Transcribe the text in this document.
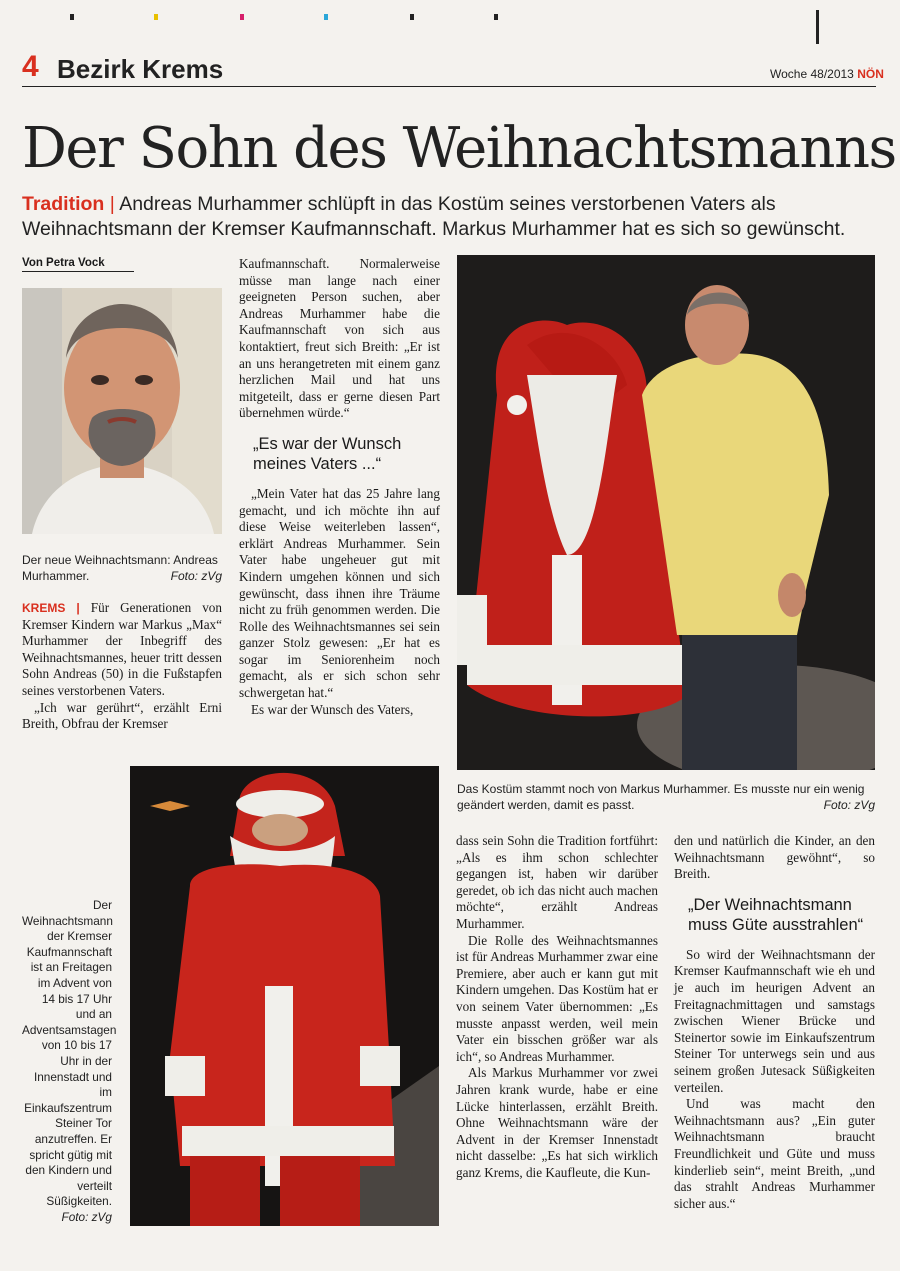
4 Bezirk Krems	Woche 48/2013 NÖN
Der Sohn des Weihnachtsmanns
Tradition | Andreas Murhammer schlüpft in das Kostüm seines verstorbenen Vaters als Weihnachtsmann der Kremser Kaufmannschaft. Markus Murhammer hat es sich so gewünscht.
Von Petra Vock
Der neue Weihnachtsmann: Andreas Murhammer.	Foto: zVg

KREMS | Für Generationen von Kremser Kindern war Markus „Max“ Murhammer der Inbegriff des Weihnachtsmannes, heuer tritt dessen Sohn Andreas (50) in die Fußstapfen seines verstorbenen Vaters.

„Ich war gerührt“, erzählt Erni Breith, Obfrau der Kremser

Kaufmannschaft. Normalerweise müsse man lange nach einer geeigneten Person suchen, aber Andreas Murhammer habe die Kaufmannschaft von sich aus kontaktiert, freut sich Breith: „Er ist an uns herangetreten mit einem ganz herzlichen Mail und hat uns mitgeteilt, dass er gerne diesen Part übernehmen würde.“

„Es war der Wunsch meines Vaters ...“

„Mein Vater hat das 25 Jahre lang gemacht, und ich möchte ihn auf diese Weise weiterleben lassen“, erklärt Andreas Murhammer. Sein Vater habe ungeheuer gut mit Kindern umgehen können und sich gewünscht, dass ihnen ihre Träume nicht zu früh genommen werden. Die Rolle des Weihnachtsmannes sei sein ganzer Stolz gewesen: „Er hat es sogar im Seniorenheim noch gemacht, als er sich schon sehr schwergetan hat.“

Es war der Wunsch des Vaters,

Das Kostüm stammt noch von Markus Murhammer. Es musste nur ein wenig geändert werden, damit es passt.	Foto: zVg
Der Weihnachtsmann der Kremser Kaufmannschaft ist an Freitagen im Advent von 14 bis 17 Uhr und an Adventsamstagen von 10 bis 17 Uhr in der Innenstadt und im Einkaufszentrum Steiner Tor anzutreffen. Er spricht gütig mit den Kindern und verteilt Süßigkeiten.
Foto: zVg

dass sein Sohn die Tradition fortführt: „Als es ihm schon schlechter gegangen ist, haben wir darüber geredet, ob ich das nicht auch machen möchte“, erzählt Andreas Murhammer.

Die Rolle des Weihnachtsmannes ist für Andreas Murhammer zwar eine Premiere, aber auch er kann gut mit Kindern umgehen. Das Kostüm hat er von seinem Vater übernommen: „Es musste anpasst werden, weil mein Vater ein bisschen größer war als ich“, so Andreas Murhammer.

Als Markus Murhammer vor zwei Jahren krank wurde, habe er eine Lücke hinterlassen, erzählt Breith. Ohne Weihnachtsmann wäre der Advent in der Kremser Innenstadt nicht dasselbe: „Es hat sich wirklich ganz Krems, die Kaufleute, die Kun-

den und natürlich die Kinder, an den Weihnachtsmann gewöhnt“, so Breith.

„Der Weihnachtsmann muss Güte ausstrahlen“

So wird der Weihnachtsmann der Kremser Kaufmannschaft wie eh und je auch im heurigen Advent an Freitagnachmittagen und samstags zwischen Wiener Brücke und Steinertor sowie im Einkaufszentrum Steiner Tor unterwegs sein und aus seinem großen Jutesack Süßigkeiten verteilen.

Und was macht den Weihnachtsmann aus? „Ein guter Weihnachtsmann braucht Freundlichkeit und Güte und muss kinderlieb sein“, meint Breith, „und das strahlt Andreas Murhammer sicher aus.“
